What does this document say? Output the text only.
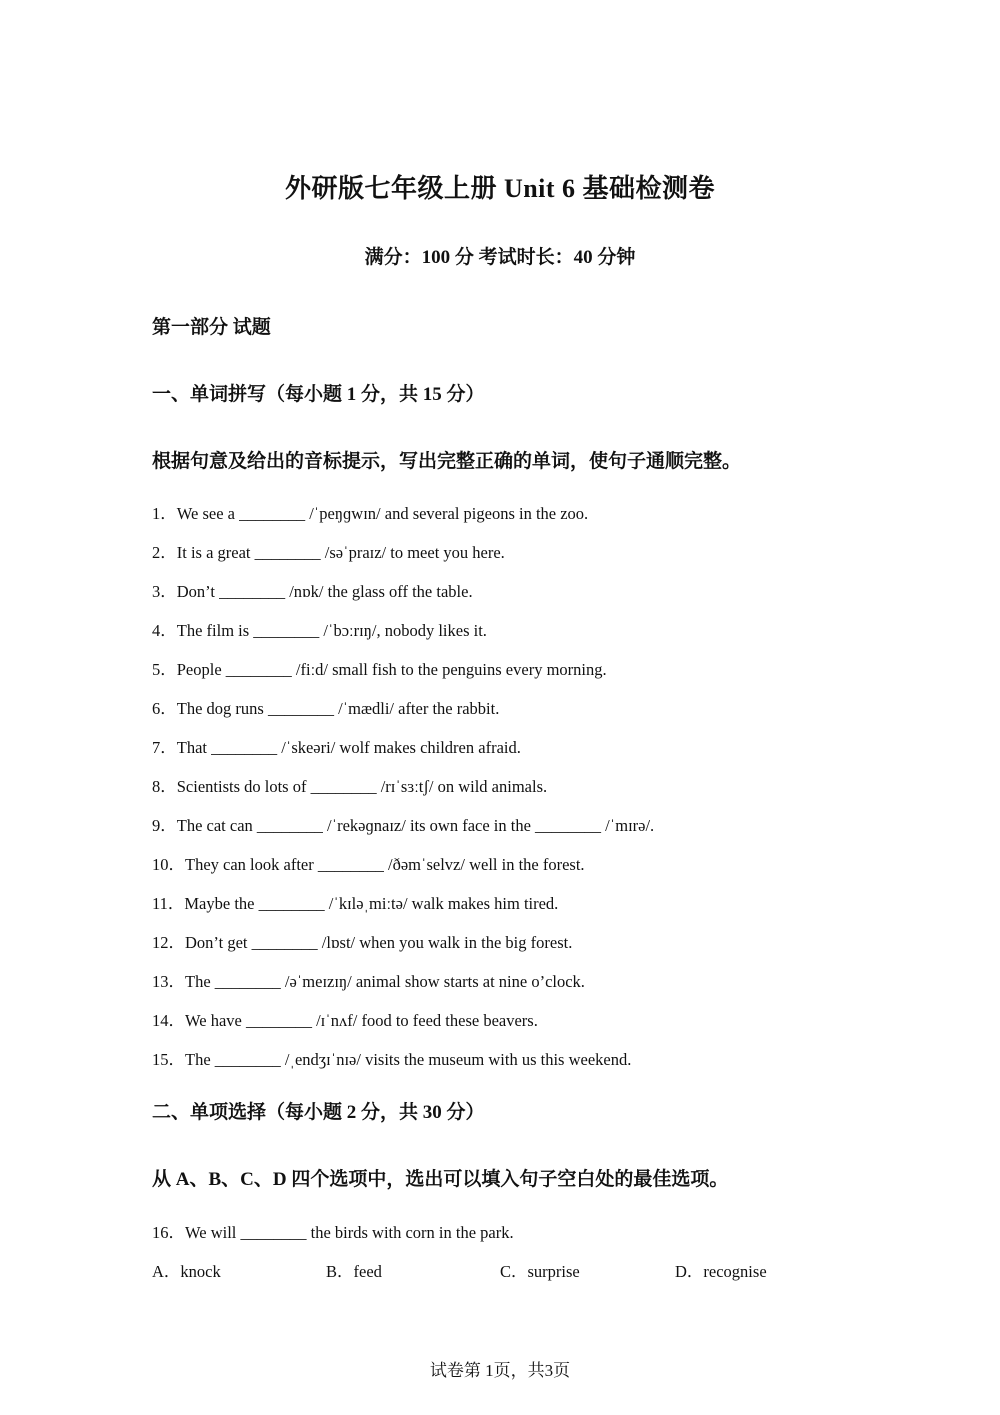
外研版七年级上册 Unit 6 基础检测卷
满分：100 分 考试时长：40 分钟
第一部分 试题
一、单词拼写（每小题 1 分，共 15 分）
根据句意及给出的音标提示，写出完整正确的单词，使句子通顺完整。
1．We see a ________ /ˈpeŋɡwɪn/ and several pigeons in the zoo.
2．It is a great ________ /səˈpraɪz/ to meet you here.
3．Don’t ________ /nɒk/ the glass off the table.
4．The film is ________ /ˈbɔːrɪŋ/, nobody likes it.
5．People ________ /fiːd/ small fish to the penguins every morning.
6．The dog runs ________ /ˈmædli/ after the rabbit.
7．That ________ /ˈskeəri/ wolf makes children afraid.
8．Scientists do lots of ________ /rɪˈsɜːtʃ/ on wild animals.
9．The cat can ________ /ˈrekəɡnaɪz/ its own face in the ________ /ˈmɪrə/.
10．They can look after ________ /ðəmˈselvz/ well in the forest.
11．Maybe the ________ /ˈkɪləˌmiːtə/ walk makes him tired.
12．Don’t get ________ /lɒst/ when you walk in the big forest.
13．The ________ /əˈmeɪzɪŋ/ animal show starts at nine o’clock.
14．We have ________ /ɪˈnʌf/ food to feed these beavers.
15．The ________ /ˌendʒɪˈnɪə/ visits the museum with us this weekend.
二、单项选择（每小题 2 分，共 30 分）
从 A、B、C、D 四个选项中，选出可以填入句子空白处的最佳选项。
16．We will ________ the birds with corn in the park.
A．knock	B．feed	C．surprise	D．recognise
试卷第 1页，共3页
